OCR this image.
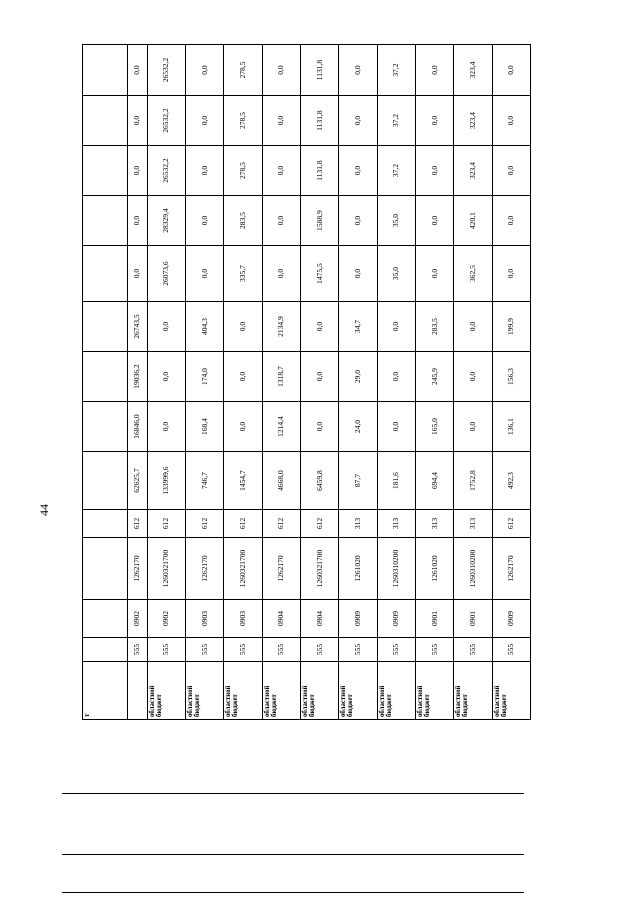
44
т													
	555	0902	1262170	612	62625,7	16846,0	19036,2	26743,5	0,0	0,0	0,0	0,0	0,0
областной бюджет	555	0902	1260321700	612	133999,6	0,0	0,0	0,0	26073,6	28329,4	26532,2	26532,2	26532,2
областной бюджет	555	0903	1262170	612	746,7	168,4	174,0	404,3	0,0	0,0	0,0	0,0	0,0
областной бюджет	555	0903	1260321700	612	1454,7	0,0	0,0	0,0	335,7	283,5	278,5	278,5	278,5
областной бюджет	555	0904	1262170	612	4668,0	1214,4	1318,7	2134,9	0,0	0,0	0,0	0,0	0,0
областной бюджет	555	0904	1260321700	612	6459,8	0,0	0,0	0,0	1475,5	1588,9	1131,8	1131,8	1131,8
областной бюджет	555	0909	1261020	313	87,7	24,0	29,0	34,7	0,0	0,0	0,0	0,0	0,0
областной бюджет	555	0909	1260310200	313	181,6	0,0	0,0	0,0	35,0	35,0	37,2	37,2	37,2
областной бюджет	555	0901	1261020	313	694,4	165,0	245,9	283,5	0,0	0,0	0,0	0,0	0,0
областной бюджет	555	0901	1260310200	313	1752,8	0,0	0,0	0,0	362,5	420,1	323,4	323,4	323,4
областной бюджет	555	0909	1262170	612	492,3	136,1	156,3	199,9	0,0	0,0	0,0	0,0	0,0
